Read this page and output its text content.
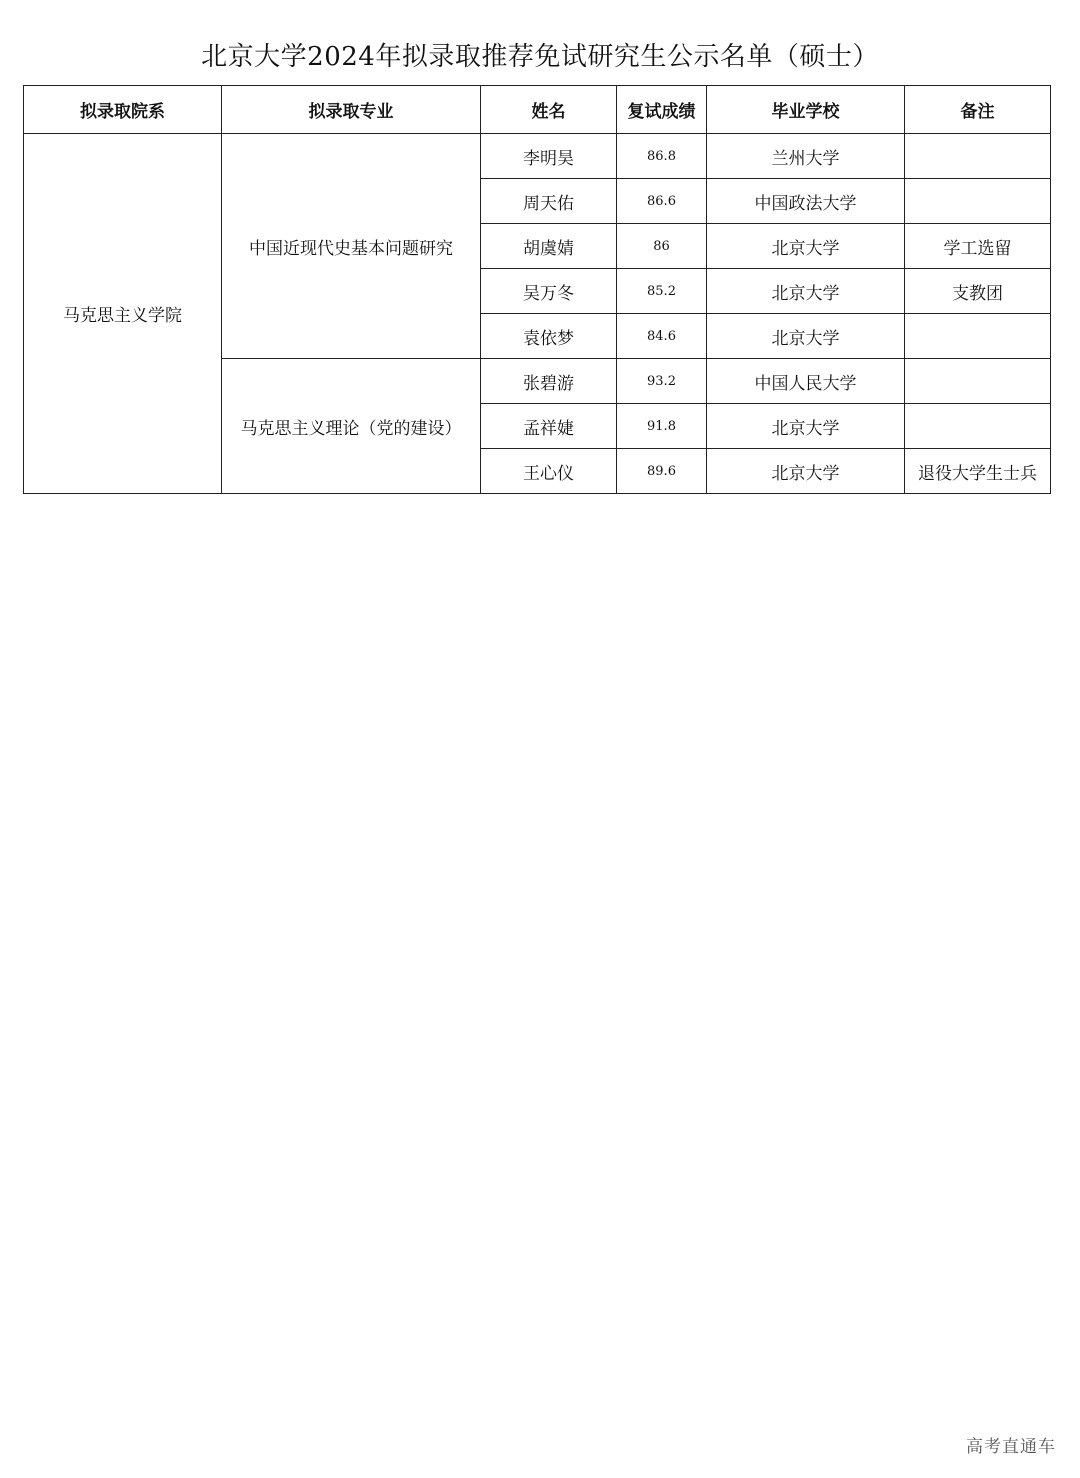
北京大学2024年拟录取推荐免试研究生公示名单（硕士）
拟录取院系	拟录取专业	姓名	复试成绩	毕业学校	备注
马克思主义学院	中国近现代史基本问题研究	李明昊	86.8	兰州大学	
		周天佑	86.6	中国政法大学	
		胡虞婧	86	北京大学	学工选留
		吴万冬	85.2	北京大学	支教团
		袁依梦	84.6	北京大学	
	马克思主义理论（党的建设）	张碧游	93.2	中国人民大学	
		孟祥婕	91.8	北京大学	
		王心仪	89.6	北京大学	退役大学生士兵
高考直通车
